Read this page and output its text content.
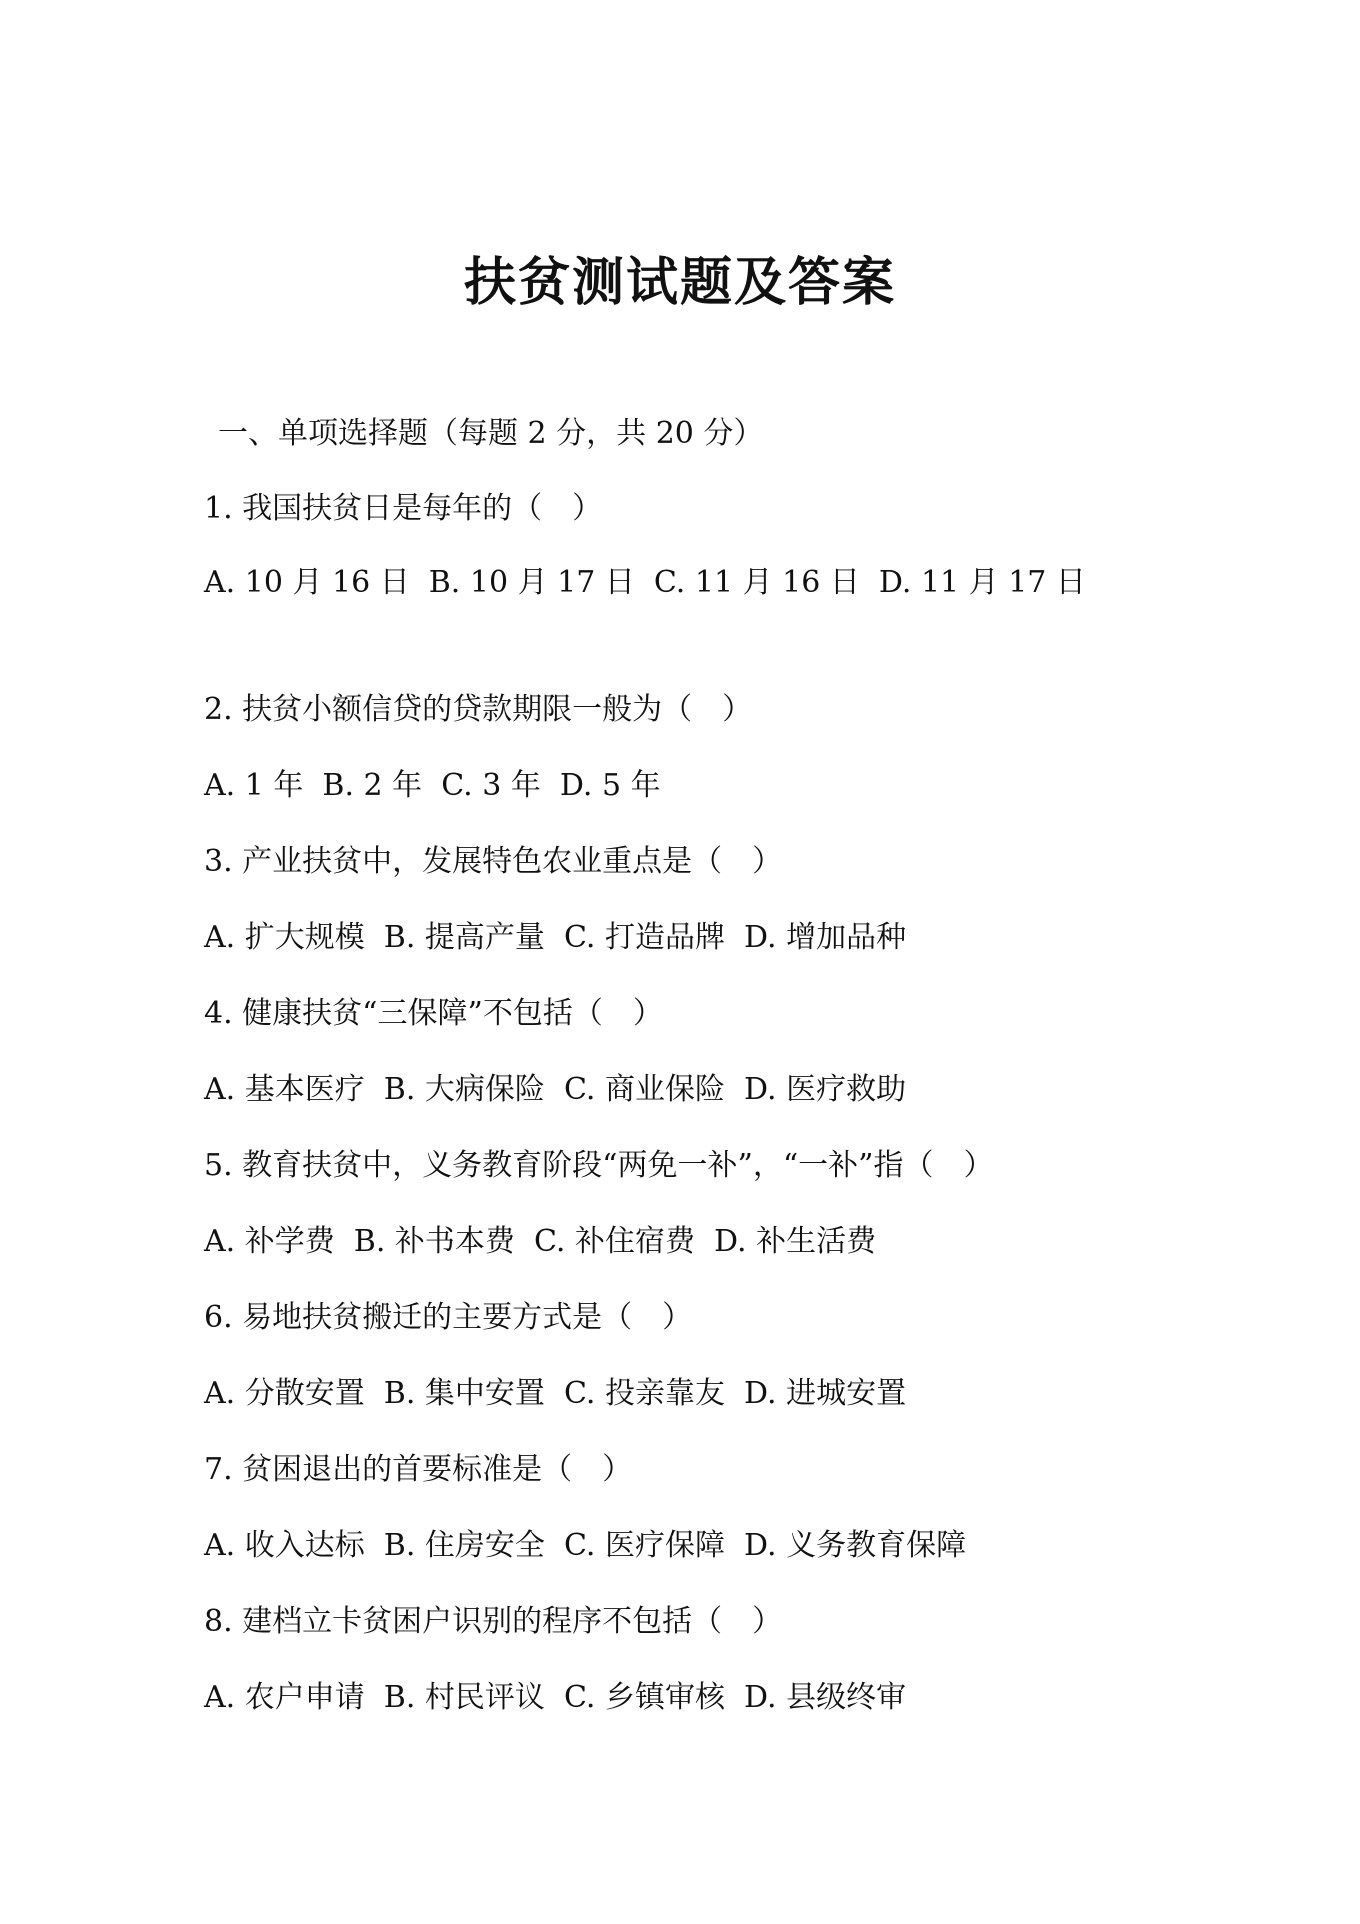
扶贫测试题及答案
一、单项选择题（每题 2 分，共 20 分）
1. 我国扶贫日是每年的（　）
A. 10 月 16 日  B. 10 月 17 日  C. 11 月 16 日  D. 11 月 17 日
2. 扶贫小额信贷的贷款期限一般为（　）
A. 1 年  B. 2 年  C. 3 年  D. 5 年
3. 产业扶贫中，发展特色农业重点是（　）
A. 扩大规模  B. 提高产量  C. 打造品牌  D. 增加品种
4. 健康扶贫“三保障”不包括（　）
A. 基本医疗  B. 大病保险  C. 商业保险  D. 医疗救助
5. 教育扶贫中，义务教育阶段“两免一补”，“一补”指（　）
A. 补学费  B. 补书本费  C. 补住宿费  D. 补生活费
6. 易地扶贫搬迁的主要方式是（　）
A. 分散安置  B. 集中安置  C. 投亲靠友  D. 进城安置
7. 贫困退出的首要标准是（　）
A. 收入达标  B. 住房安全  C. 医疗保障  D. 义务教育保障
8. 建档立卡贫困户识别的程序不包括（　）
A. 农户申请  B. 村民评议  C. 乡镇审核  D. 县级终审
